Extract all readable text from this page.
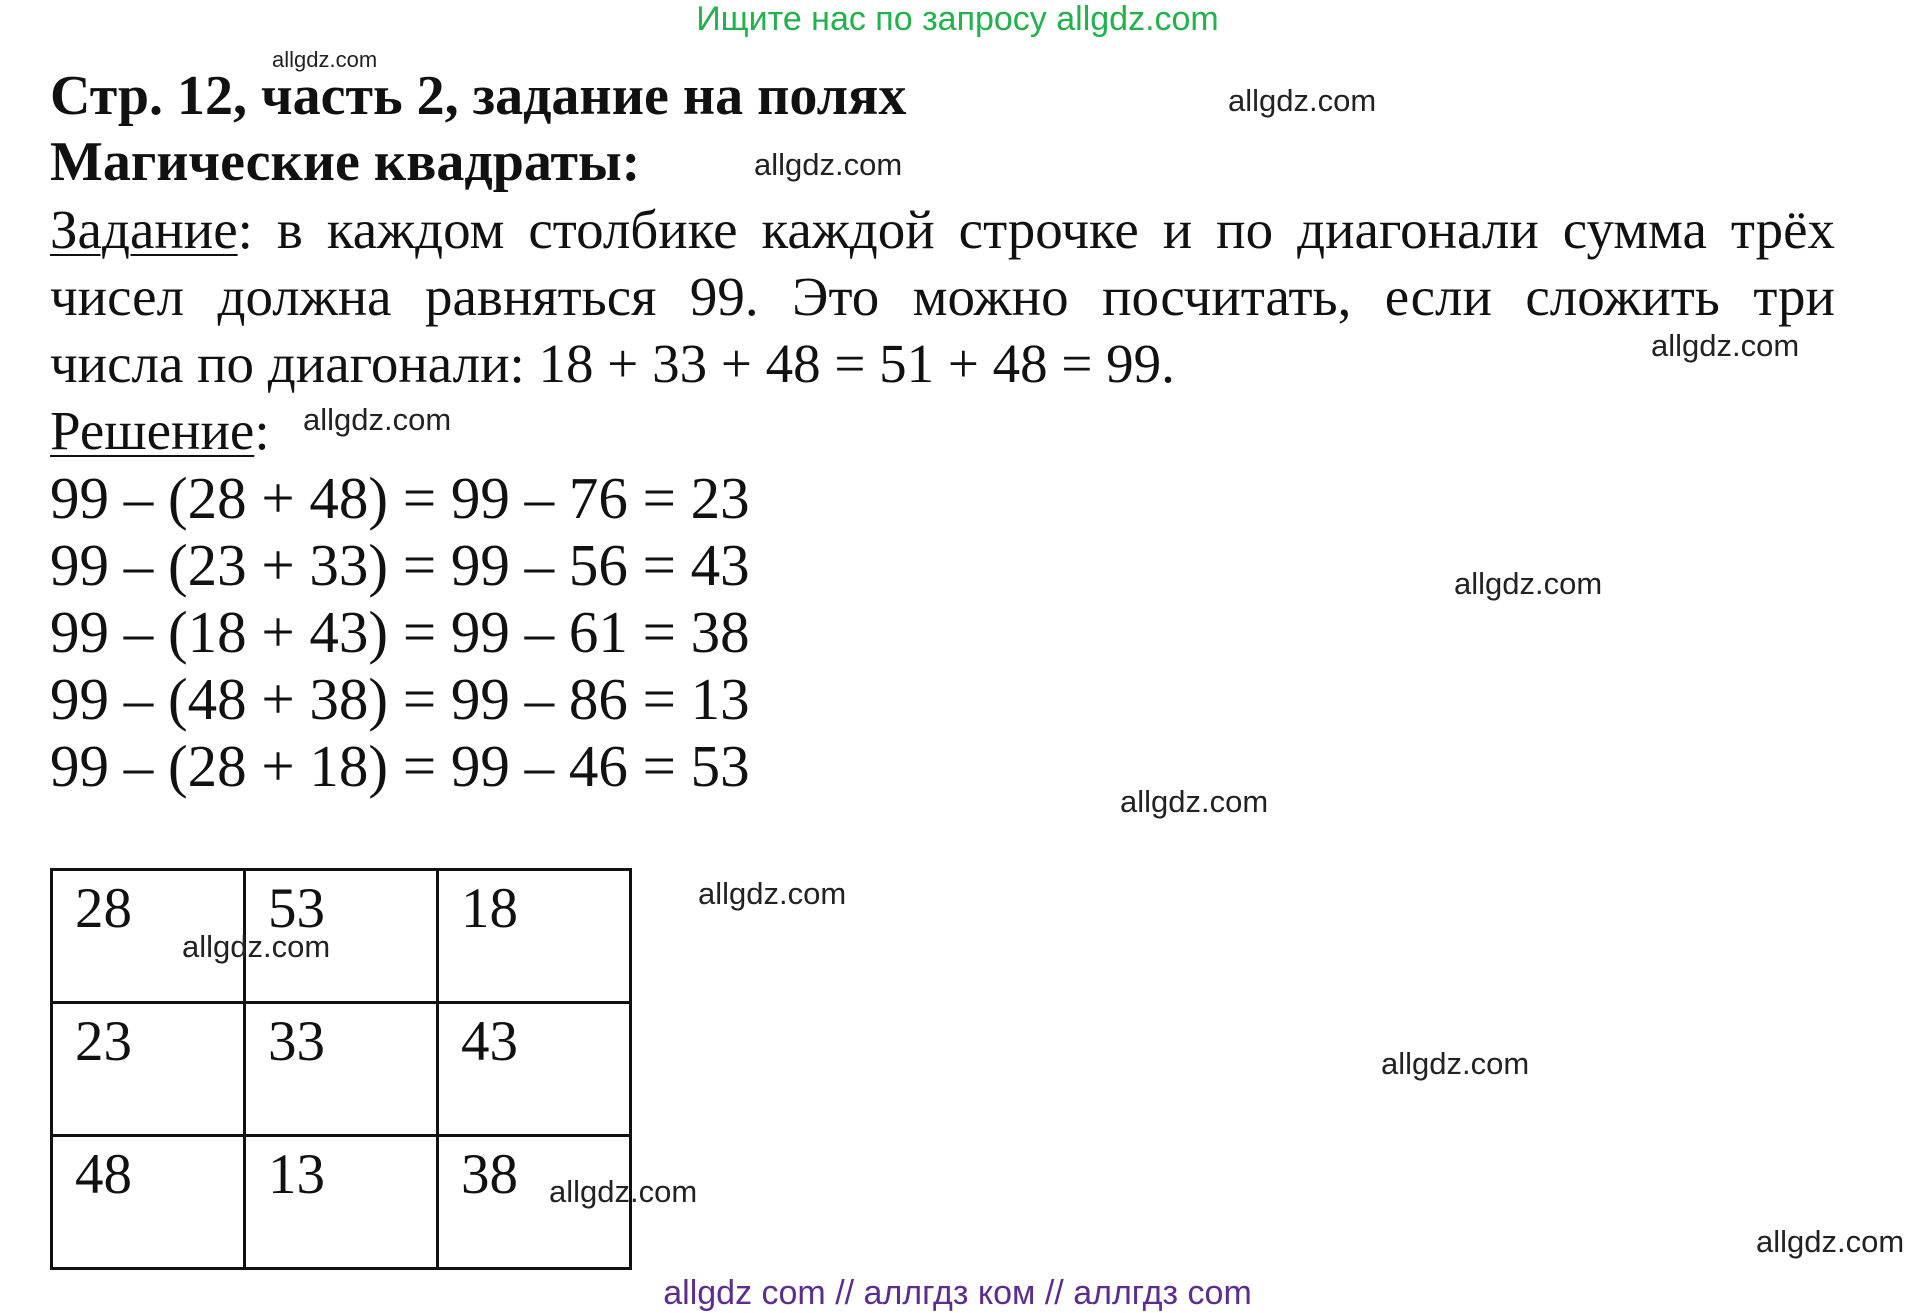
Ищите нас по запросу allgdz.com
Стр. 12, часть 2, задание на полях
Магические квадраты:
Задание: в каждом столбике каждой строчке и по диагонали сумма трёх
чисел должна равняться 99. Это можно посчитать, если сложить три
числа по диагонали: 18 + 33 + 48 = 51 + 48 = 99.
Решение:
99 – (28 + 48) = 99 – 76 = 23
99 – (23 + 33) = 99 – 56 = 43
99 – (18 + 43) = 99 – 61 = 38
99 – (48 + 38) = 99 – 86 = 13
99 – (28 + 18) = 99 – 46 = 53
28	53	18
23	33	43
48	13	38
allgdz.com
allgdz.com
allgdz.com
allgdz.com
allgdz.com
allgdz.com
allgdz.com
allgdz.com
allgdz.com
allgdz.com
allgdz.com
allgdz.com
allgdz com // аллгдз ком // аллгдз com
